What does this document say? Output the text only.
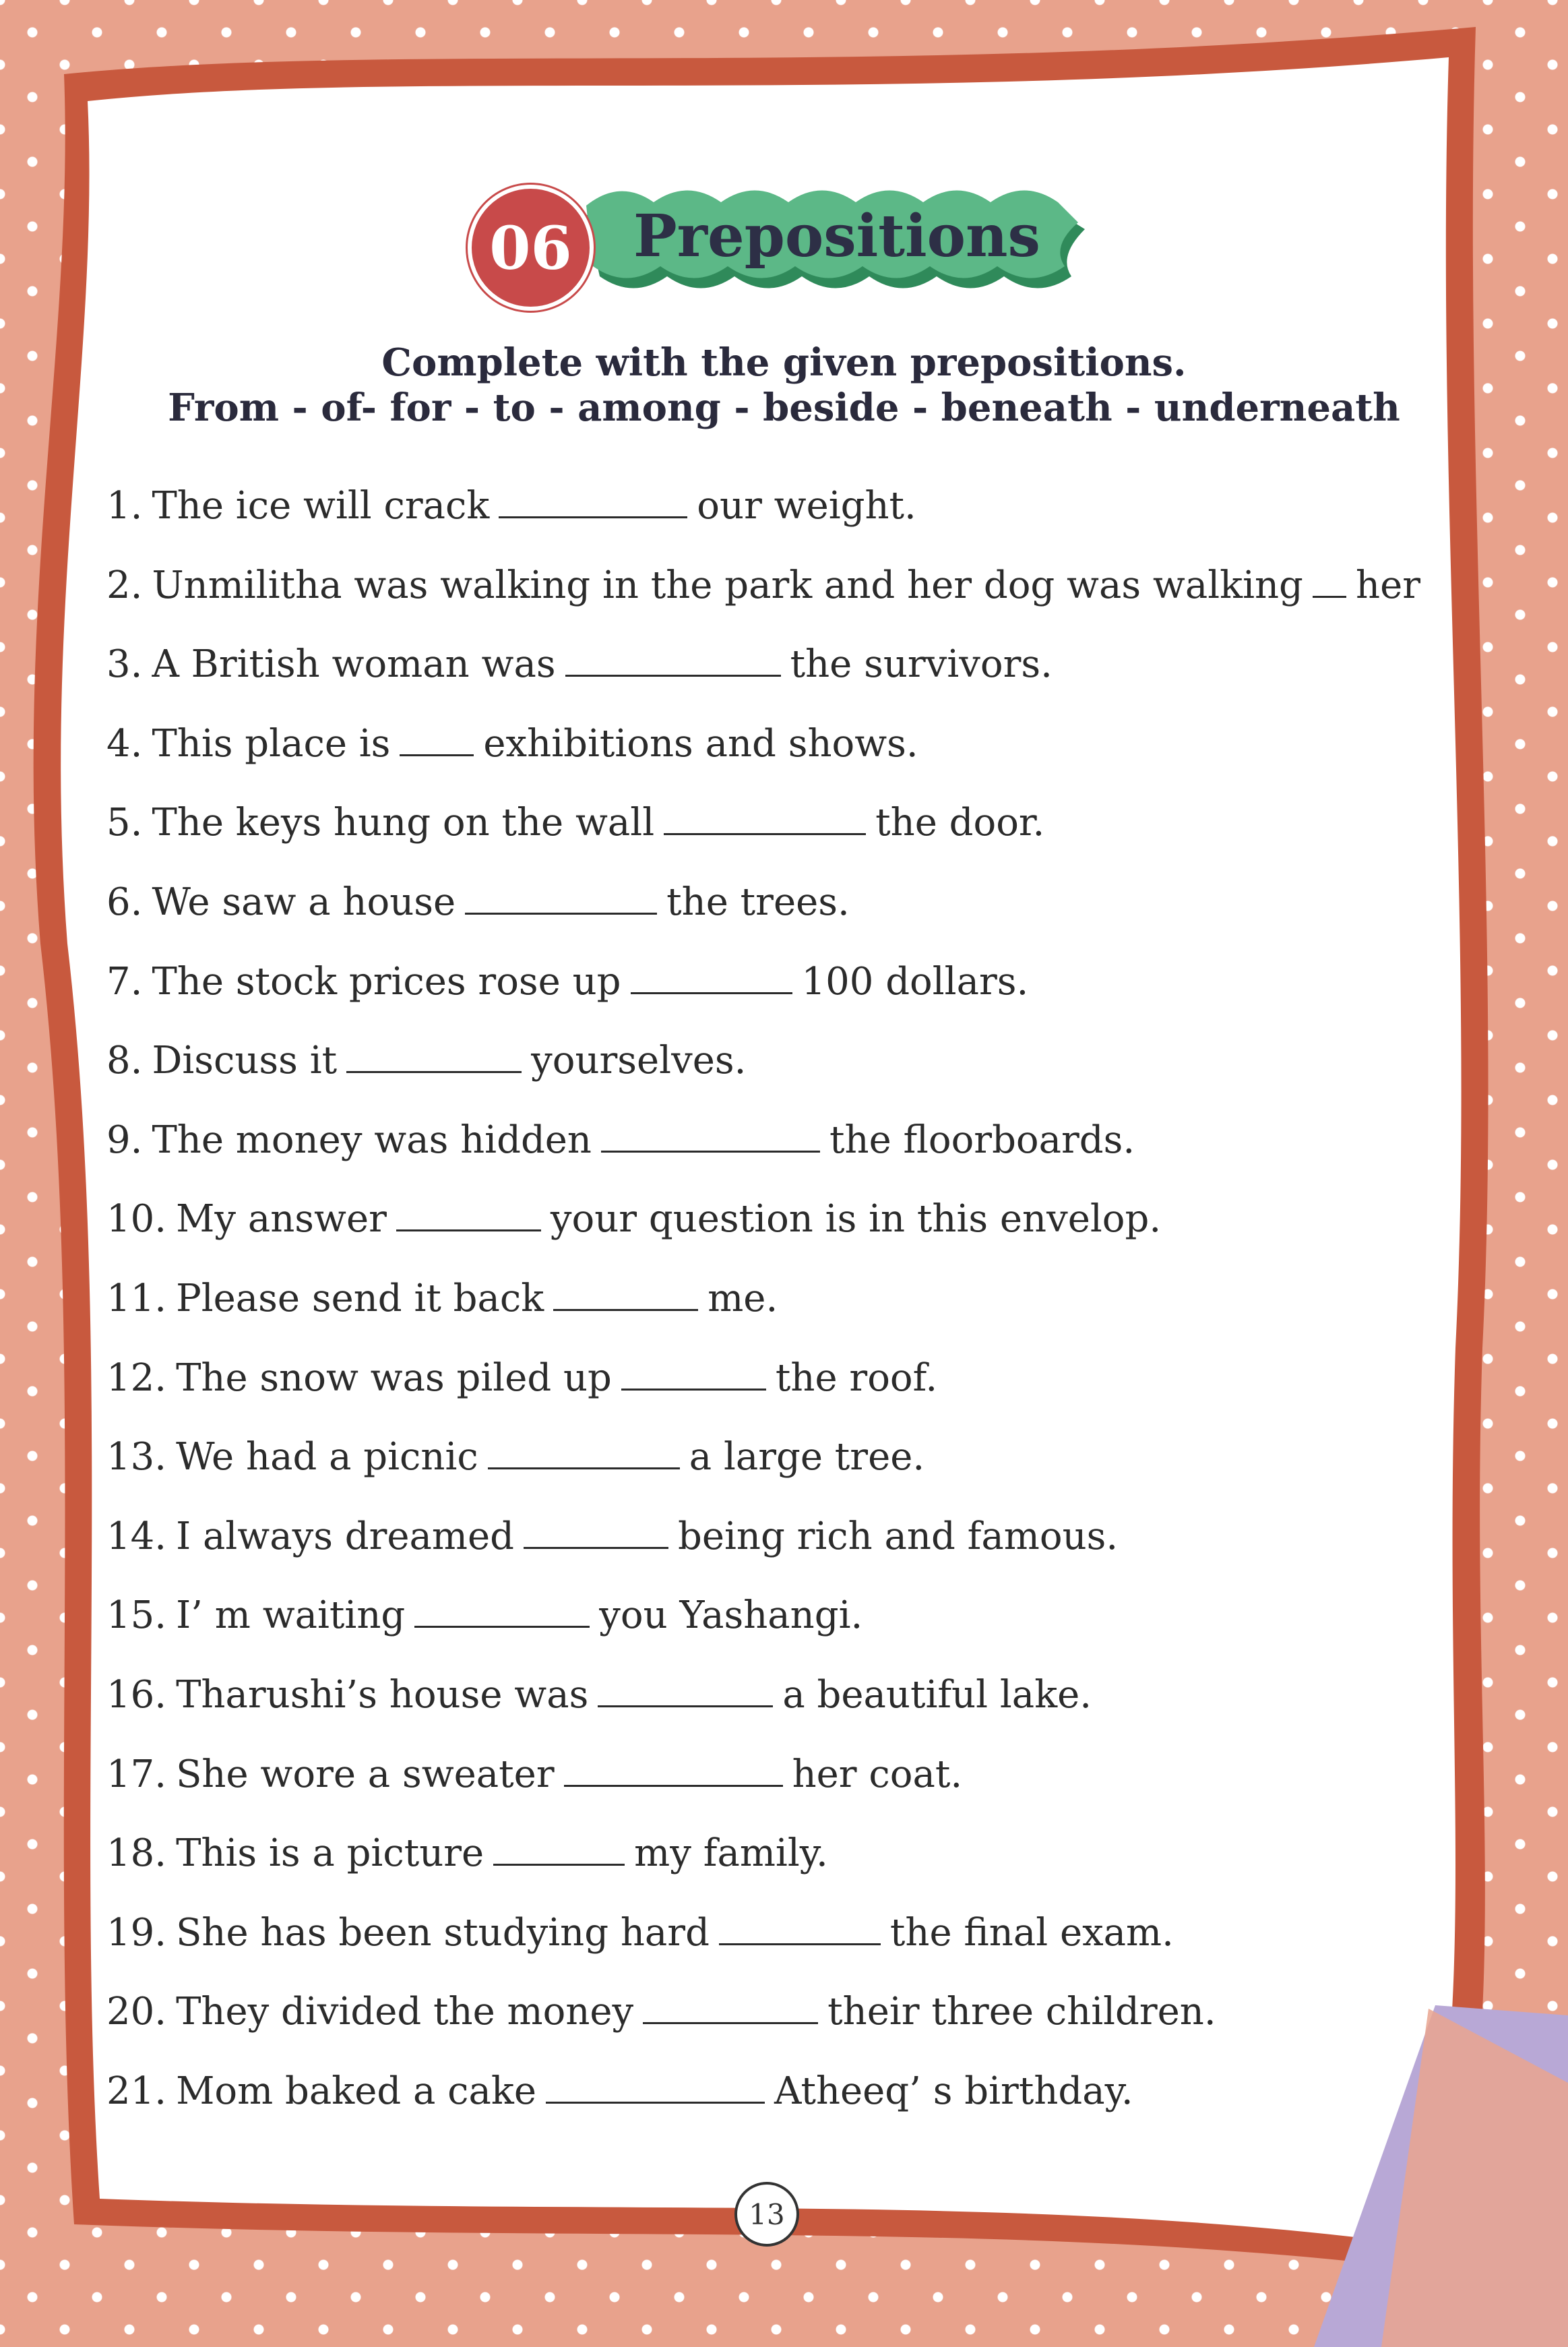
06	Prepositions
Complete with the given prepositions.
From - of- for - to - among - beside - beneath - underneath
1. The ice will crack	our weight.
2. Unmilitha was walking in the park and her dog was walking her
3. A British woman was	the survivors.
4. This place is exhibitions and shows.
5. The keys hung on the wall	the door.
6. We saw a house	the trees.
7. The stock prices rose up	100 dollars.
8. Discuss it	yourselves.
9. The money was hidden	the floorboards.
10. My answer	your question is in this envelop.
11. Please send it back	me.
12. The snow was piled up	the roof.
13. We had a picnic	a large tree.
14. I always dreamed	being rich and famous.
15. I’ m waiting	you Yashangi.
16. Tharushi’s house was	a beautiful lake.
17. She wore a sweater	her coat.
18. This is a picture	my family.
19. She has been studying hard	the final exam.
20. They divided the money	their three children.
21. Mom baked a cake	Atheeq’ s birthday.
13
